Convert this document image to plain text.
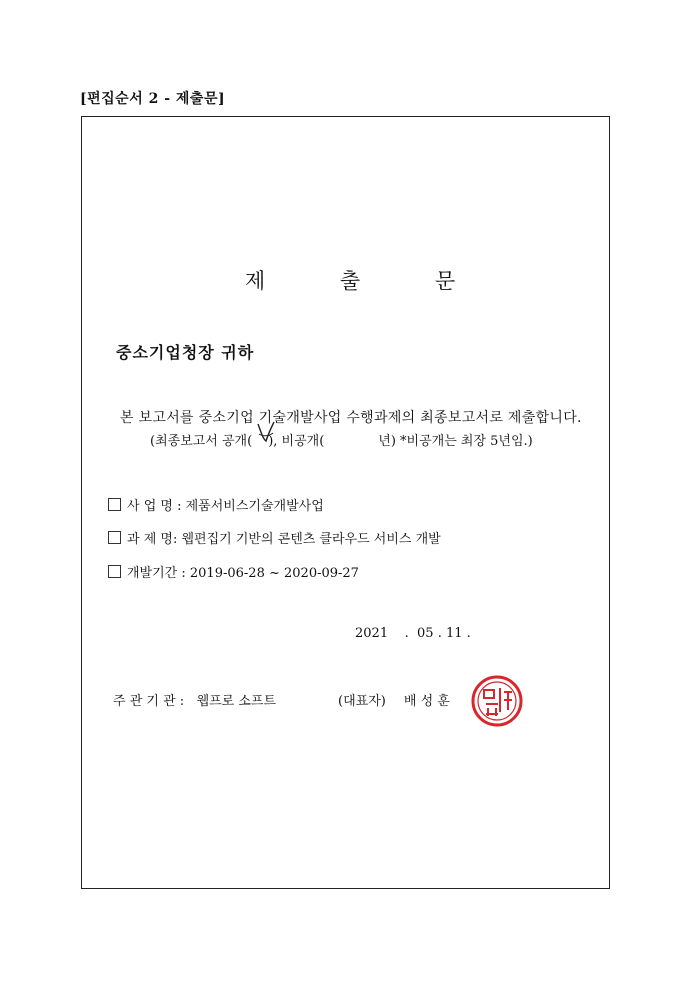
[편집순서 2 - 제출문]
제	출	문
중소기업청장 귀하
본 보고서를 중소기업 기술개발사업 수행과제의 최종보고서로 제출합니다.
(최종보고서 공개( ), 비공개(	년) *비공개는 최장 5년임.)
사 업 명 : 제품서비스기술개발사업
과 제 명: 웹편집기 기반의 콘텐츠 클라우드 서비스 개발
개발기간 : 2019-06-28 ~ 2020-09-27
2021    .  05 . 11 .
주 관 기 관 : 웹프로 소프트	(대표자) 배 성 훈
